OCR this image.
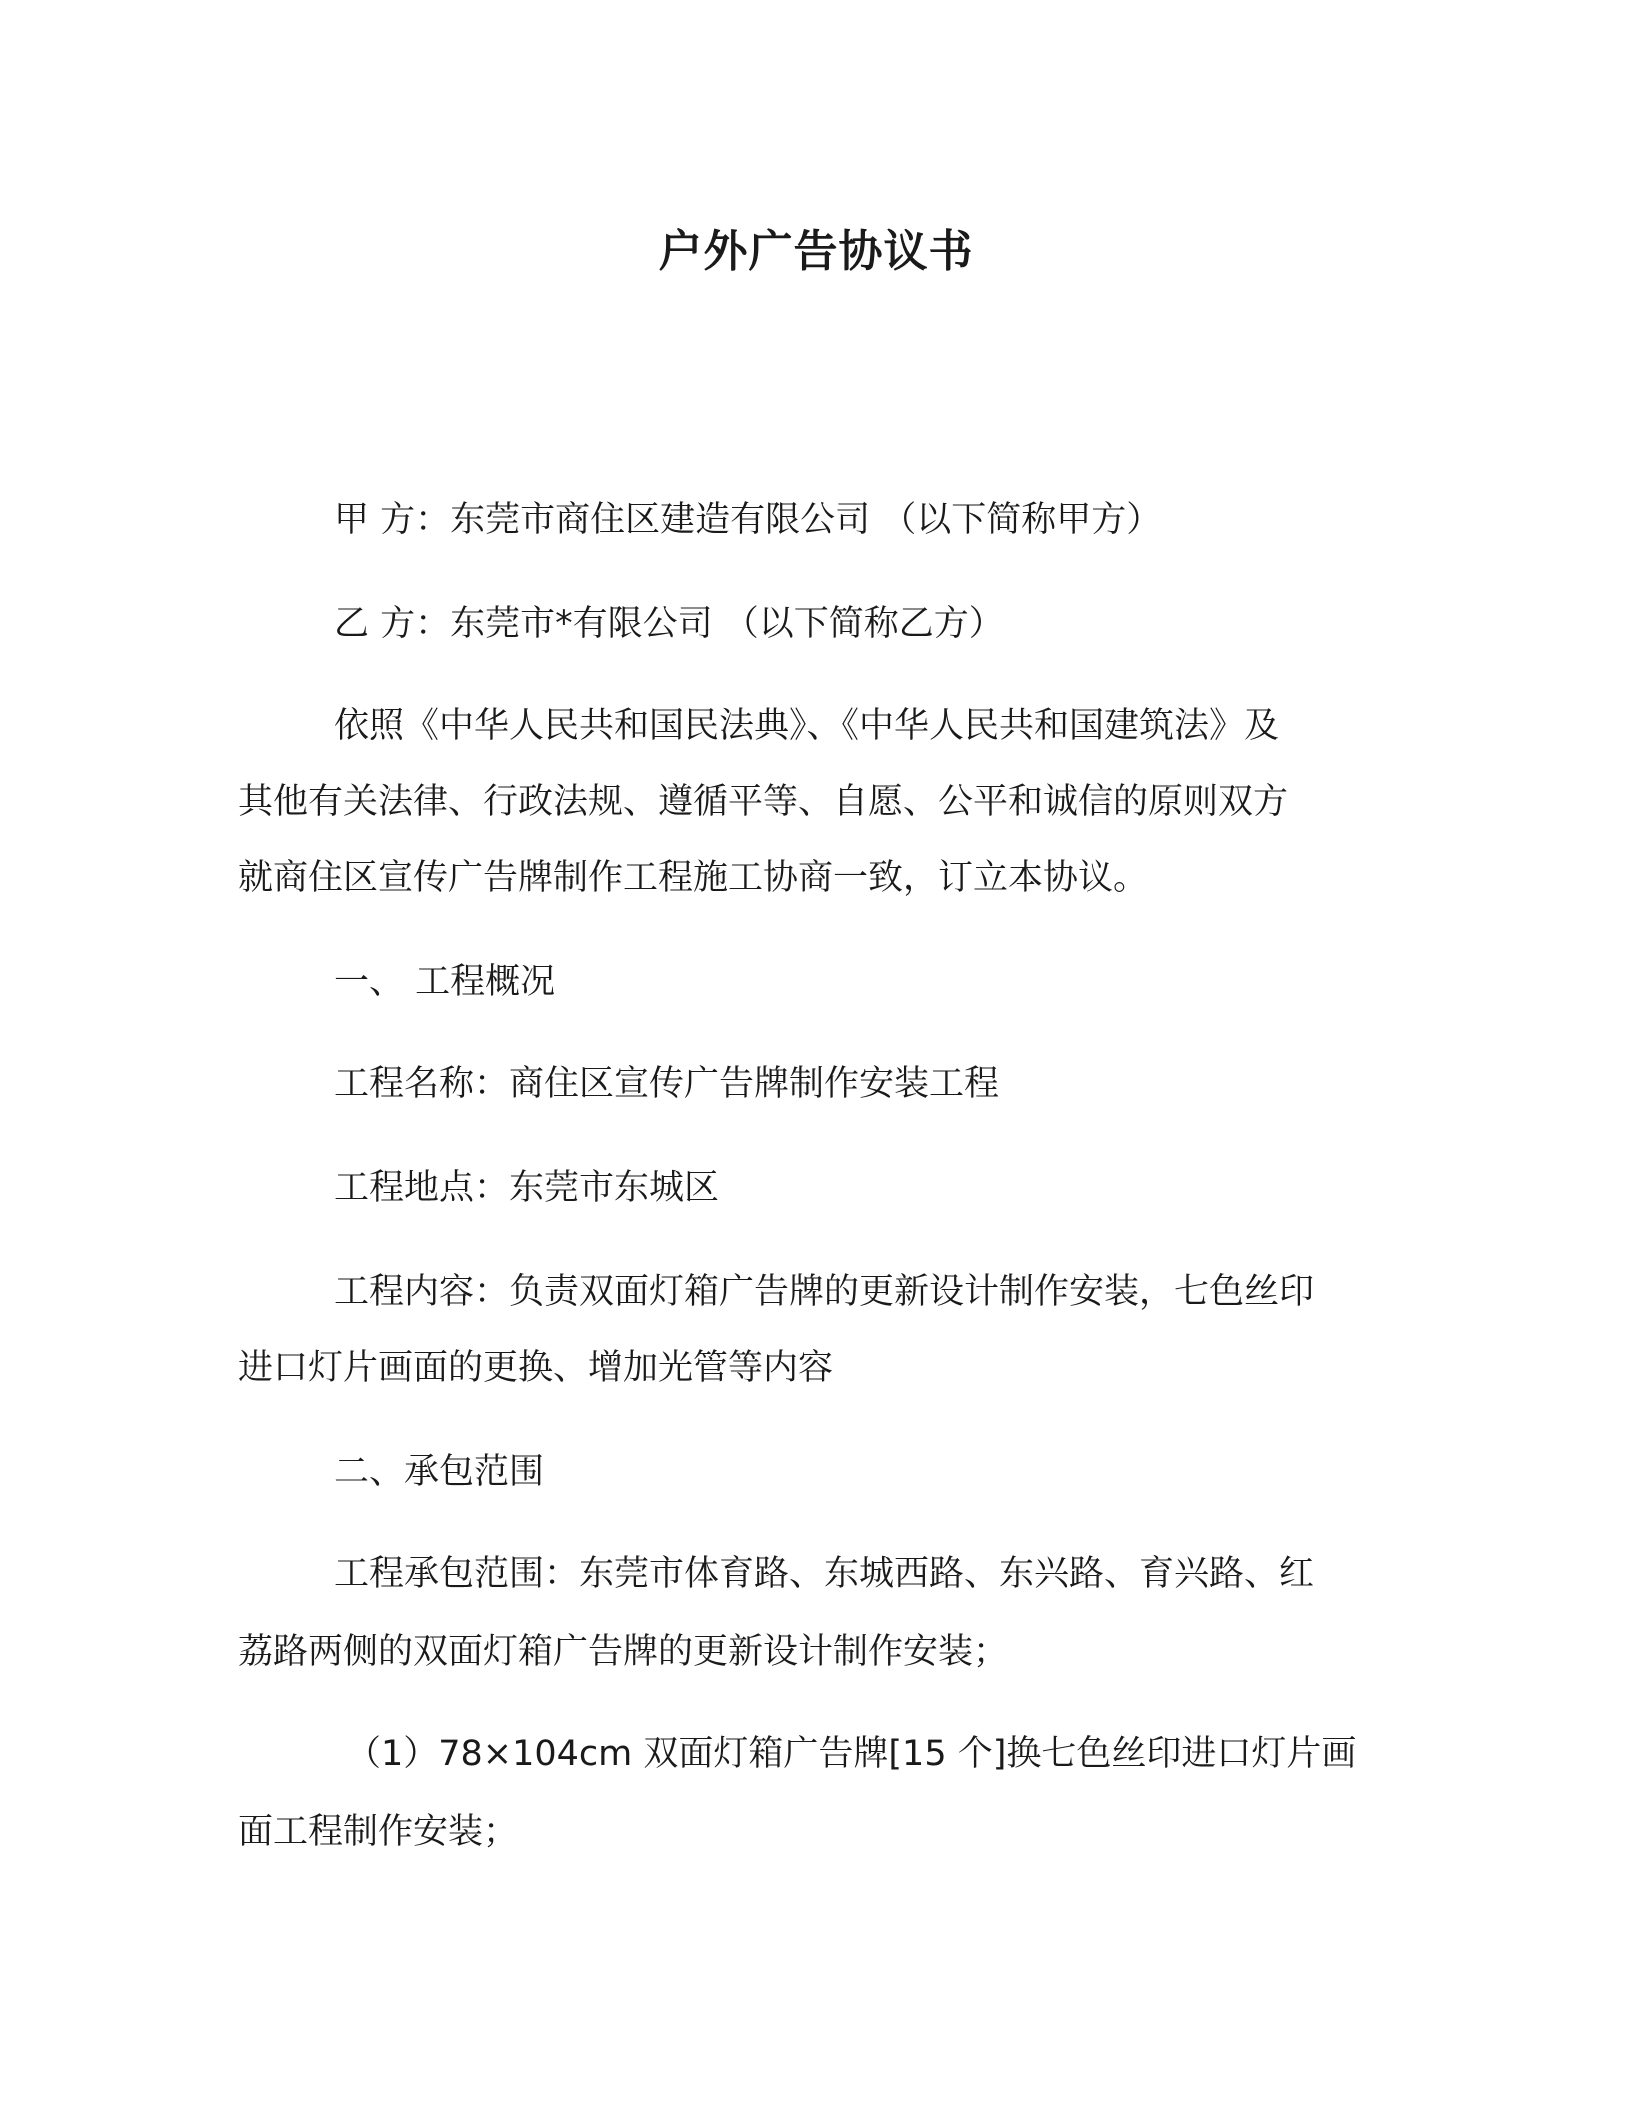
户外广告协议书

甲 方：东莞市商住区建造有限公司 （以下简称甲方）

乙 方：东莞市*有限公司 （以下简称乙方）

依照《中华人民共和国民法典》、《中华人民共和国建筑法》及

其他有关法律、行政法规、遵循平等、自愿、公平和诚信的原则双方

就商住区宣传广告牌制作工程施工协商一致，订立本协议。

一、 工程概况

工程名称：商住区宣传广告牌制作安装工程

工程地点：东莞市东城区

工程内容：负责双面灯箱广告牌的更新设计制作安装，七色丝印

进口灯片画面的更换、增加光管等内容

二、承包范围

工程承包范围：东莞市体育路、东城西路、东兴路、育兴路、红

荔路两侧的双面灯箱广告牌的更新设计制作安装；

（1）78×104cm 双面灯箱广告牌[15 个]换七色丝印进口灯片画

面工程制作安装；
